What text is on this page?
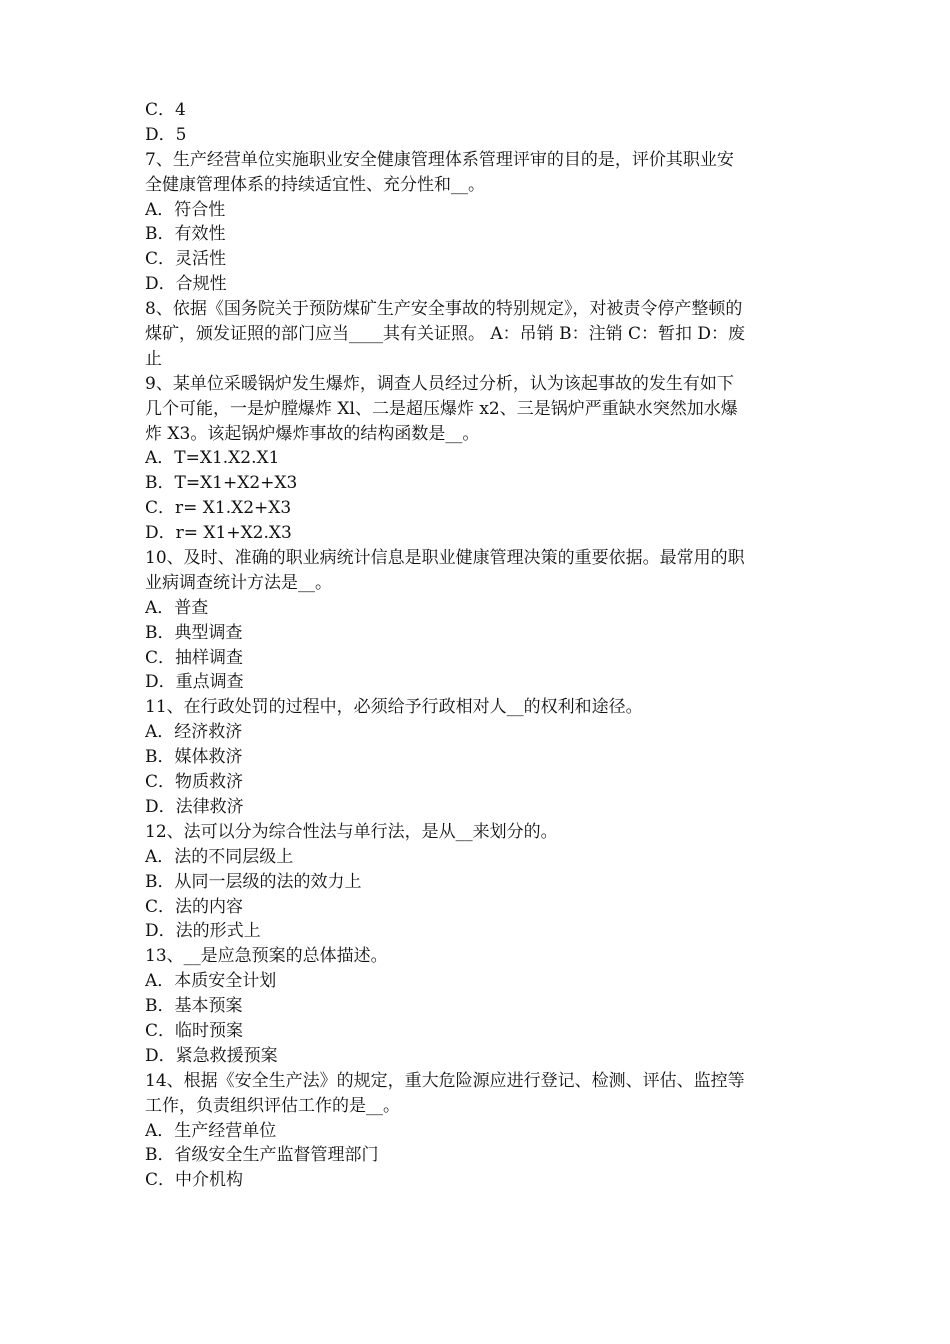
C．4
D．5
7、生产经营单位实施职业安全健康管理体系管理评审的目的是，评价其职业安
全健康管理体系的持续适宜性、充分性和__。
A．符合性
B．有效性
C．灵活性
D．合规性
8、依据《国务院关于预防煤矿生产安全事故的特别规定》，对被责令停产整顿的
煤矿，颁发证照的部门应当____其有关证照。 A：吊销 B：注销 C：暂扣 D：废
止
9、某单位采暖锅炉发生爆炸，调查人员经过分析，认为该起事故的发生有如下
几个可能，一是炉膛爆炸 Xl、二是超压爆炸 x2、三是锅炉严重缺水突然加水爆
炸 X3。该起锅炉爆炸事故的结构函数是__。
A．T=X1.X2.X1
B．T=X1+X2+X3
C．r= X1.X2+X3
D．r= X1+X2.X3
10、及时、准确的职业病统计信息是职业健康管理决策的重要依据。最常用的职
业病调查统计方法是__。
A．普查
B．典型调查
C．抽样调查
D．重点调查
11、在行政处罚的过程中，必须给予行政相对人__的权利和途径。
A．经济救济
B．媒体救济
C．物质救济
D．法律救济
12、法可以分为综合性法与单行法，是从__来划分的。
A．法的不同层级上
B．从同一层级的法的效力上
C．法的内容
D．法的形式上
13、__是应急预案的总体描述。
A．本质安全计划
B．基本预案
C．临时预案
D．紧急救援预案
14、根据《安全生产法》的规定，重大危险源应进行登记、检测、评估、监控等
工作，负责组织评估工作的是__。
A．生产经营单位
B．省级安全生产监督管理部门
C．中介机构
